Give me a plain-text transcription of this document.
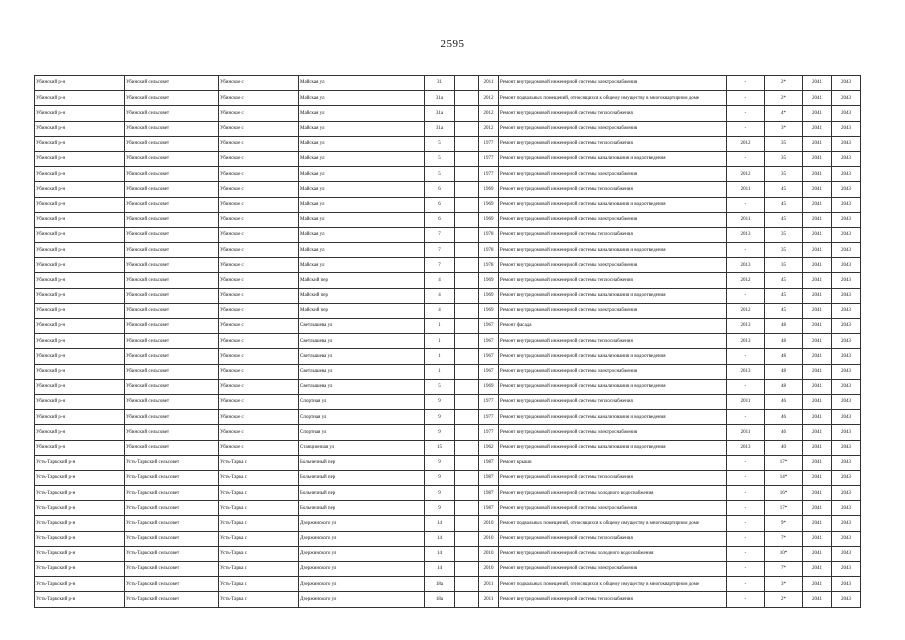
2595
Убинский р-н	Убинский сельсовет	Убинское с	Майская ул	31		2011	Ремонт внутридомовой инженерной системы электроснабжения	-	2*	2041	2043
Убинский р-н	Убинский сельсовет	Убинское с	Майская ул	31а		2012	Ремонт подвальных помещений, относящихся к общему имуществу в многоквартирном доме	-	2*	2041	2043
Убинский р-н	Убинский сельсовет	Убинское с	Майская ул	31а		2012	Ремонт внутридомовой инженерной системы теплоснабжения	-	4*	2041	2043
Убинский р-н	Убинский сельсовет	Убинское с	Майская ул	31а		2012	Ремонт внутридомовой инженерной системы электроснабжения	-	3*	2041	2043
Убинский р-н	Убинский сельсовет	Убинское с	Майская ул	5		1977	Ремонт внутридомовой инженерной системы теплоснабжения	2012	35	2041	2043
Убинский р-н	Убинский сельсовет	Убинское с	Майская ул	5		1977	Ремонт внутридомовой инженерной системы канализования и водоотведения	-	35	2041	2043
Убинский р-н	Убинский сельсовет	Убинское с	Майская ул	5		1977	Ремонт внутридомовой инженерной системы электроснабжения	2012	35	2041	2043
Убинский р-н	Убинский сельсовет	Убинское с	Майская ул	6		1969	Ремонт внутридомовой инженерной системы теплоснабжения	2011	45	2041	2043
Убинский р-н	Убинский сельсовет	Убинское с	Майская ул	6		1969	Ремонт внутридомовой инженерной системы канализования и водоотведения	-	45	2041	2043
Убинский р-н	Убинский сельсовет	Убинское с	Майская ул	6		1969	Ремонт внутридомовой инженерной системы электроснабжения	2011	45	2041	2043
Убинский р-н	Убинский сельсовет	Убинское с	Майская ул	7		1978	Ремонт внутридомовой инженерной системы теплоснабжения	2013	35	2041	2043
Убинский р-н	Убинский сельсовет	Убинское с	Майская ул	7		1978	Ремонт внутридомовой инженерной системы канализования и водоотведения	-	35	2041	2043
Убинский р-н	Убинский сельсовет	Убинское с	Майская ул	7		1978	Ремонт внутридомовой инженерной системы электроснабжения	2013	35	2041	2043
Убинский р-н	Убинский сельсовет	Убинское с	Майский пер	4		1969	Ремонт внутридомовой инженерной системы теплоснабжения	2012	45	2041	2043
Убинский р-н	Убинский сельсовет	Убинское с	Майский пер	4		1969	Ремонт внутридомовой инженерной системы канализования и водоотведения	-	45	2041	2043
Убинский р-н	Убинский сельсовет	Убинское с	Майский пер	4		1969	Ремонт внутридомовой инженерной системы электроснабжения	2012	45	2041	2043
Убинский р-н	Убинский сельсовет	Убинское с	Светлышева ул	1		1967	Ремонт фасада	2013	48	2041	2043
Убинский р-н	Убинский сельсовет	Убинское с	Светлышева ул	1		1967	Ремонт внутридомовой инженерной системы теплоснабжения	2013	48	2041	2043
Убинский р-н	Убинский сельсовет	Убинское с	Светлышева ул	1		1967	Ремонт внутридомовой инженерной системы канализования и водоотведения	-	48	2041	2043
Убинский р-н	Убинский сельсовет	Убинское с	Светлышева ул	1		1967	Ремонт внутридомовой инженерной системы электроснабжения	2013	48	2041	2043
Убинский р-н	Убинский сельсовет	Убинское с	Светлышева ул	5		1969	Ремонт внутридомовой инженерной системы канализования и водоотведения	-	48	2041	2043
Убинский р-н	Убинский сельсовет	Убинское с	Спортная ул	9		1977	Ремонт внутридомовой инженерной системы теплоснабжения	2011	46	2041	2043
Убинский р-н	Убинский сельсовет	Убинское с	Спортная ул	9		1977	Ремонт внутридомовой инженерной системы канализования и водоотведения	-	46	2041	2043
Убинский р-н	Убинский сельсовет	Убинское с	Спортная ул	9		1977	Ремонт внутридомовой инженерной системы электроснабжения	2011	46	2041	2043
Убинский р-н	Убинский сельсовет	Убинское с	Станционная ул	15		1962	Ремонт внутридомовой инженерной системы канализования и водоотведения	2013	40	2041	2043
Усть-Таркский р-н	Усть-Таркский сельсовет	Усть-Тарка с	Больничный пер	9		1987	Ремонт крыши	-	17*	2041	2043
Усть-Таркский р-н	Усть-Таркский сельсовет	Усть-Тарка с	Больничный пер	9		1987	Ремонт внутридомовой инженерной системы теплоснабжения	-	14*	2041	2043
Усть-Таркский р-н	Усть-Таркский сельсовет	Усть-Тарка с	Больничный пер	9		1987	Ремонт внутридомовой инженерной системы холодного водоснабжения	-	16*	2041	2043
Усть-Таркский р-н	Усть-Таркский сельсовет	Усть-Тарка с	Больничный пер	9		1987	Ремонт внутридомовой инженерной системы электроснабжения	-	17*	2041	2043
Усть-Таркский р-н	Усть-Таркский сельсовет	Усть-Тарка с	Дзержинского ул	14		2010	Ремонт подвальных помещений, относящихся к общему имуществу в многоквартирном доме	-	9*	2041	2043
Усть-Таркский р-н	Усть-Таркский сельсовет	Усть-Тарка с	Дзержинского ул	14		2010	Ремонт внутридомовой инженерной системы теплоснабжения	-	7*	2041	2043
Усть-Таркский р-н	Усть-Таркский сельсовет	Усть-Тарка с	Дзержинского ул	14		2010	Ремонт внутридомовой инженерной системы холодного водоснабжения	-	10*	2041	2043
Усть-Таркский р-н	Усть-Таркский сельсовет	Усть-Тарка с	Дзержинского ул	14		2010	Ремонт внутридомовой инженерной системы электроснабжения	-	7*	2041	2043
Усть-Таркский р-н	Усть-Таркский сельсовет	Усть-Тарка с	Дзержинского ул	18а		2011	Ремонт подвальных помещений, относящихся к общему имуществу в многоквартирном доме	-	3*	2041	2043
Усть-Таркский р-н	Усть-Таркский сельсовет	Усть-Тарка с	Дзержинского ул	18а		2011	Ремонт внутридомовой инженерной системы теплоснабжения	-	2*	2041	2043
